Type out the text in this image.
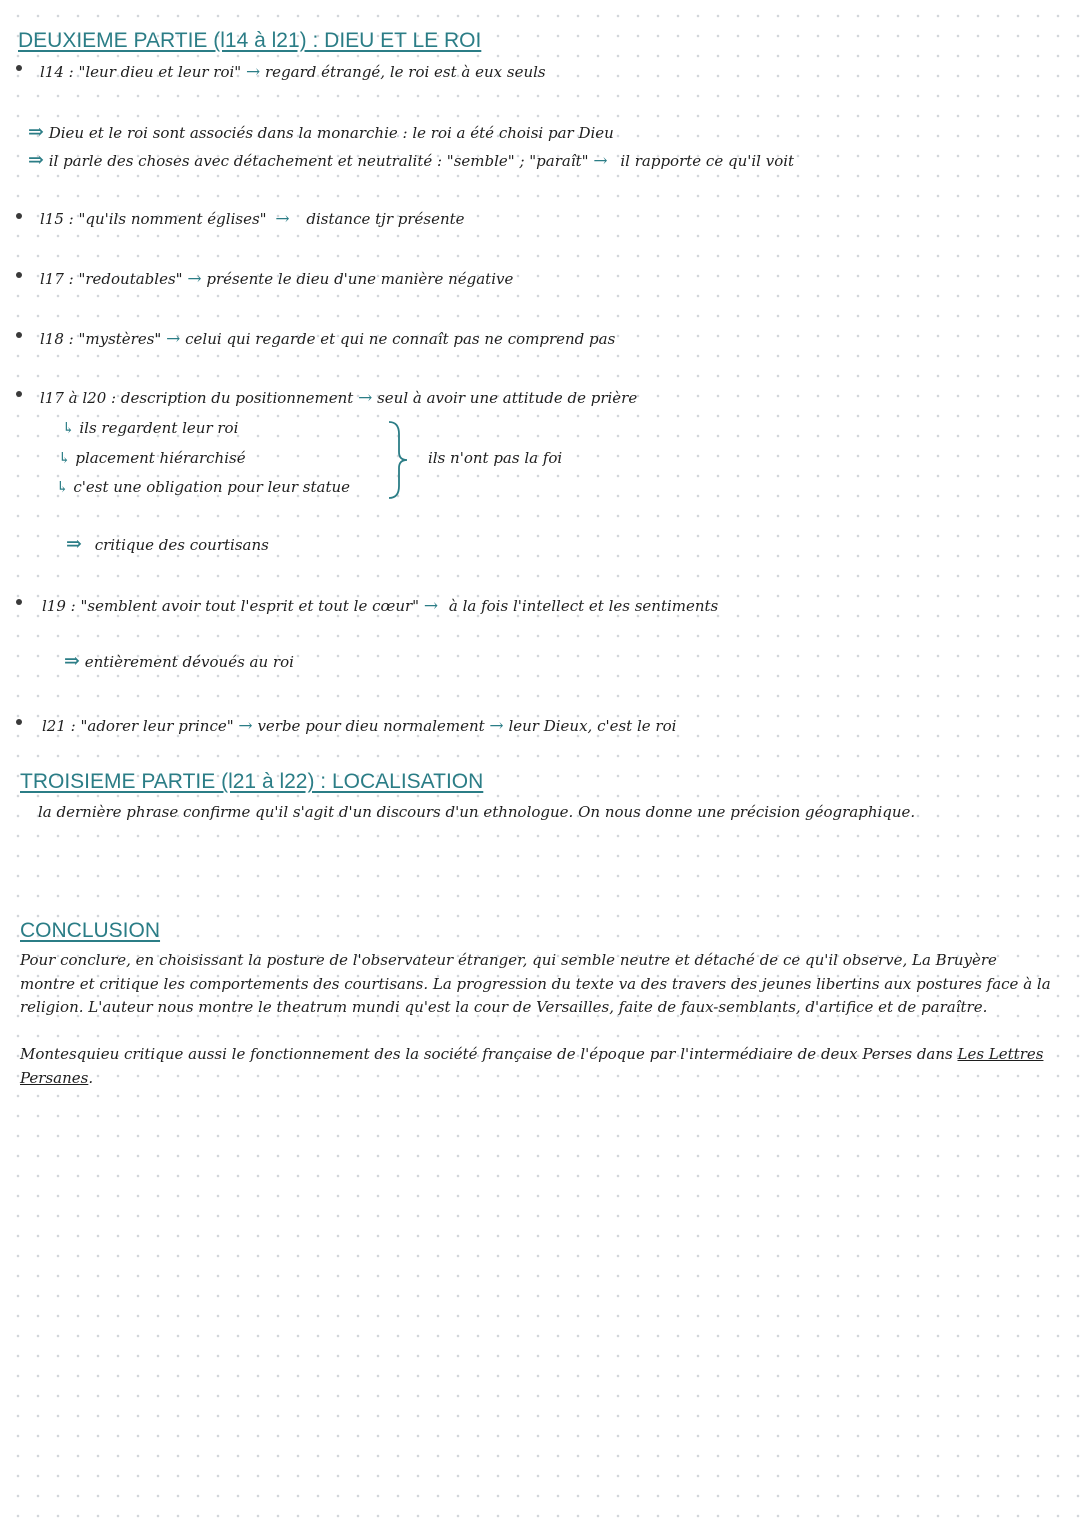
DEUXIEME PARTIE (l14 à l21) : DIEU ET LE ROI
l14 : "leur dieu et leur roi" → regard étrangé, le roi est à eux seuls
⇒ Dieu et le roi sont associés dans la monarchie : le roi a été choisi par Dieu
⇒ il parle des choses avec détachement et neutralité : "semble" ; "paraît" → il rapporte ce qu'il voit
l15 : "qu'ils nomment églises" → distance tjr présente
l17 : "redoutables" → présente le dieu d'une manière négative
l18 : "mystères" → celui qui regarde et qui ne connaît pas ne comprend pas
l17 à l20 : description du positionnement → seul à avoir une attitude de prière
↳ ils regardent leur roi
↳ placement hiérarchisé
↳ c'est une obligation pour leur statue
ils n'ont pas la foi
⇒ critique des courtisans
l19 : "semblent avoir tout l'esprit et tout le cœur" → à la fois l'intellect et les sentiments
⇒ entièrement dévoués au roi
l21 : "adorer leur prince" → verbe pour dieu normalement → leur Dieux, c'est le roi
TROISIEME PARTIE (l21 à l22) : LOCALISATION
la dernière phrase confirme qu'il s'agit d'un discours d'un ethnologue. On nous donne une précision géographique.
CONCLUSION
Pour conclure, en choisissant la posture de l'observateur étranger, qui semble neutre et détaché de ce qu'il observe, La Bruyère montre et critique les comportements des courtisans. La progression du texte va des travers des jeunes libertins aux postures face à la religion. L'auteur nous montre le theatrum mundi qu'est la cour de Versailles, faite de faux-semblants, d'artifice et de paraître.
Montesquieu critique aussi le fonctionnement des la société française de l'époque par l'intermédiaire de deux Perses dans Les Lettres Persanes.
